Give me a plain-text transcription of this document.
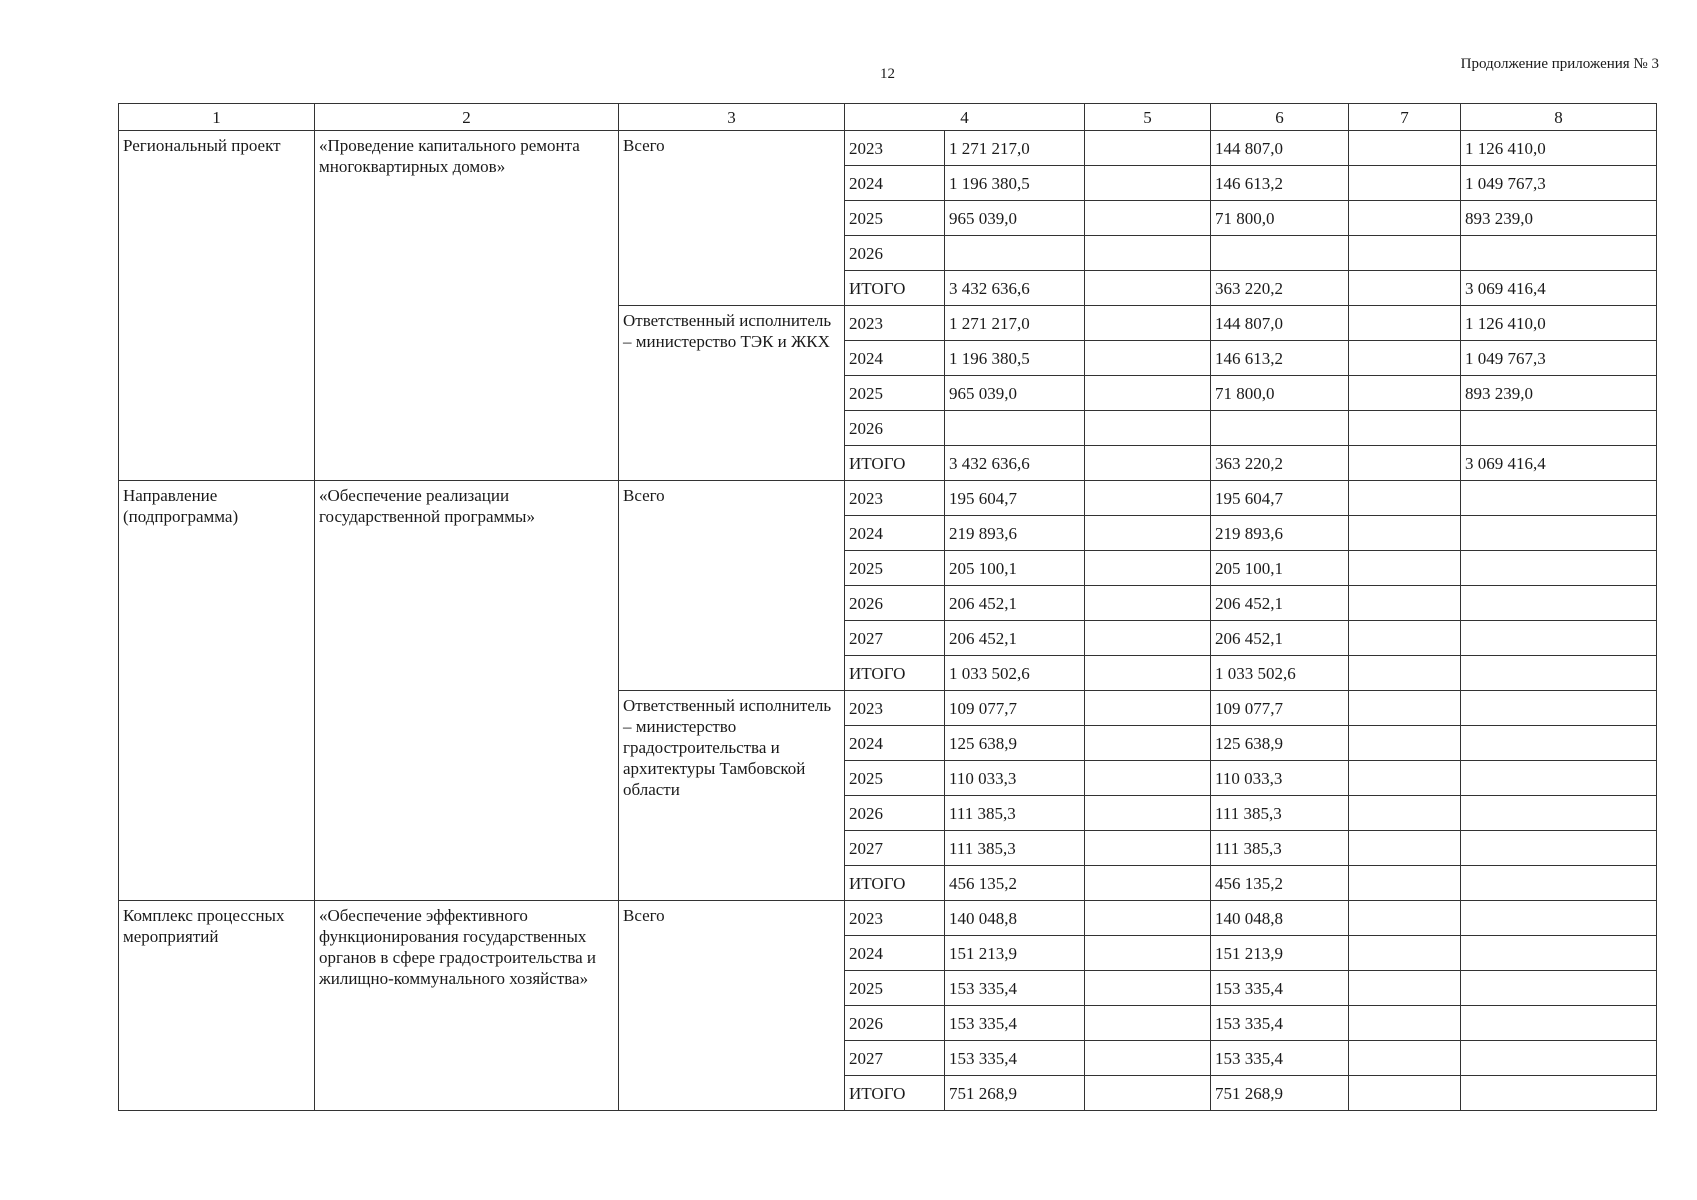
12
Продолжение приложения № 3
1	2	3	4		5	6	7	8
Региональный проект	«Проведение капитального ремонта многоквартирных домов»	Всего	2023	1 271 217,0		144 807,0		1 126 410,0
			2024	1 196 380,5		146 613,2		1 049 767,3
			2025	965 039,0		71 800,0		893 239,0
			2026					
			ИТОГО	3 432 636,6		363 220,2		3 069 416,4
		Ответственный исполнитель – министерство ТЭК и ЖКХ	2023	1 271 217,0		144 807,0		1 126 410,0
			2024	1 196 380,5		146 613,2		1 049 767,3
			2025	965 039,0		71 800,0		893 239,0
			2026					
			ИТОГО	3 432 636,6		363 220,2		3 069 416,4
Направление (подпрограмма)	«Обеспечение реализации государственной программы»	Всего	2023	195 604,7		195 604,7		
			2024	219 893,6		219 893,6		
			2025	205 100,1		205 100,1		
			2026	206 452,1		206 452,1		
			2027	206 452,1		206 452,1		
			ИТОГО	1 033 502,6		1 033 502,6		
		Ответственный исполнитель – министерство градостроительства и архитектуры Тамбовской области	2023	109 077,7		109 077,7		
			2024	125 638,9		125 638,9		
			2025	110 033,3		110 033,3		
			2026	111 385,3		111 385,3		
			2027	111 385,3		111 385,3		
			ИТОГО	456 135,2		456 135,2		
Комплекс процессных мероприятий	«Обеспечение эффективного функционирования государственных органов в сфере градостроительства и жилищно-коммунального хозяйства»	Всего	2023	140 048,8		140 048,8		
			2024	151 213,9		151 213,9		
			2025	153 335,4		153 335,4		
			2026	153 335,4		153 335,4		
			2027	153 335,4		153 335,4		
			ИТОГО	751 268,9		751 268,9		
